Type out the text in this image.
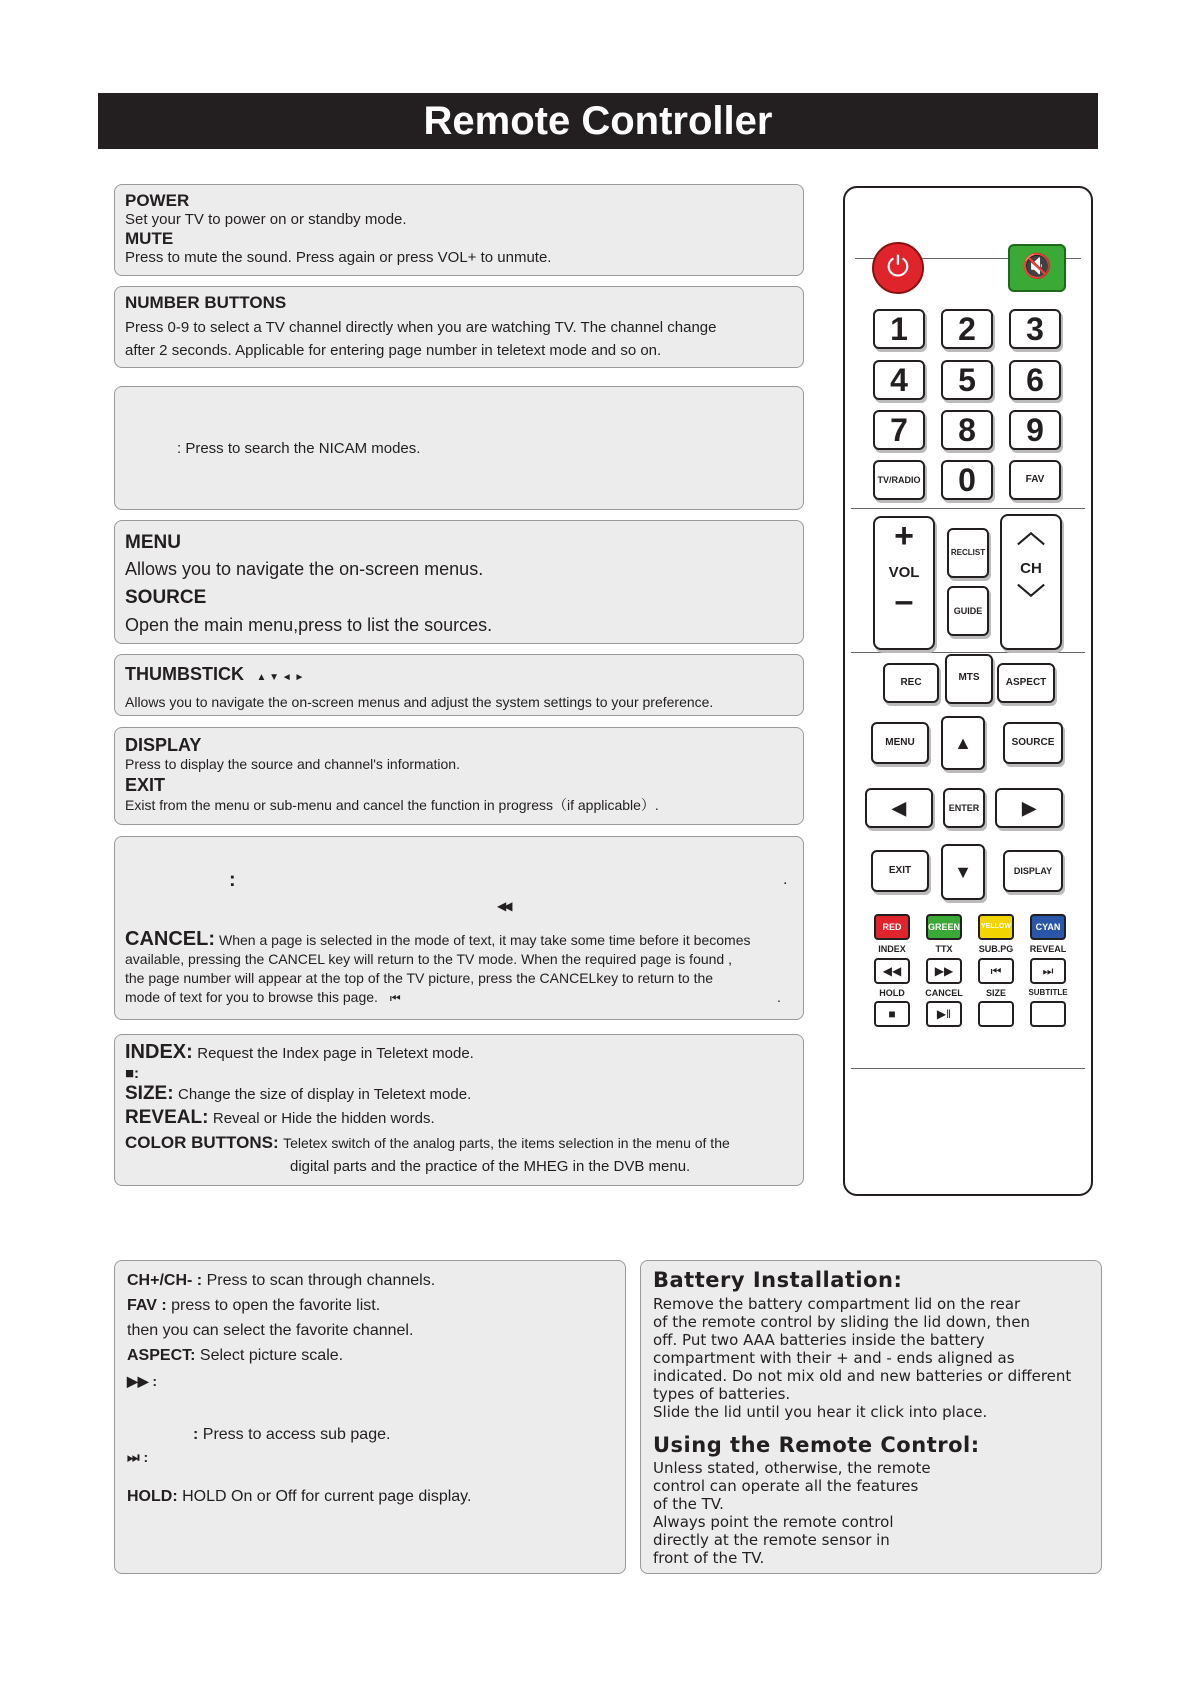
Remote Controller

POWER

Set your TV to power on or standby mode.

MUTE

Press to mute the sound. Press again or press VOL+ to unmute.

NUMBER BUTTONS

Press 0-9 to select a TV channel directly when you are watching TV. The channel change

after 2 seconds. Applicable for entering page number in teletext mode and so on.

: Press to search the NICAM modes.

MENU

Allows you to navigate the on-screen menus.

SOURCE

Open the main menu,press to list the sources.

THUMBSTICK ▲ ▼ ◄ ►

Allows you to navigate the on-screen menus and adjust the system settings to your preference.

DISPLAY

Press to display the source and channel's information.

EXIT

Exist from the menu or sub-menu and cancel the function in progress（if applicable）.

:	.
◀◀

CANCEL: When a page is selected in the mode of text, it may take some time before it becomes

available, pressing the CANCEL key will return to the TV mode. When the required page is found ,

the page number will appear at the top of the TV picture, press the CANCELkey to return to the

mode of text for you to browse this page. ⏮	.

INDEX: Request the Index page in Teletext mode.

■:

SIZE: Change the size of display in Teletext mode.

REVEAL: Reveal or Hide the hidden words.

COLOR BUTTONS: Teletex switch of the analog parts, the items selection in the menu of the

digital parts and the practice of the MHEG in the DVB menu.

CH+/CH- : Press to scan through channels.

FAV : press to open the favorite list.

then you can select the favorite channel.

ASPECT: Select picture scale.

▶▶ :

: Press to access sub page.

⏭ :

HOLD: HOLD On or Off for current page display.

Battery Installation:

Remove the battery compartment lid on the rear

of the remote control by sliding the lid down, then

off. Put two AAA batteries inside the battery

compartment with their + and - ends aligned as

indicated. Do not mix old and new batteries or different

types of batteries.

Slide the lid until you hear it click into place.

Using the Remote Control:

Unless stated, otherwise, the remote

control can operate all the features

of the TV.

Always point the remote control

directly at the remote sensor in

front of the TV.

⏻	🔇
1	2	3
4	5	6
7	8	9
TV/RADIO	0	FAV
+
VOL
–
RECLIST
GUIDE
︿
CH
﹀
REC	MTS	ASPECT
MENU	▲	SOURCE
◀	ENTER	▶
EXIT	▼	DISPLAY
RED	GREEN	YELLOW	CYAN
INDEX	TTX	SUB.PG	REVEAL
◀◀	▶▶	⏮	⏭
HOLD	CANCEL	SIZE	SUBTITLE
■	▶‖
